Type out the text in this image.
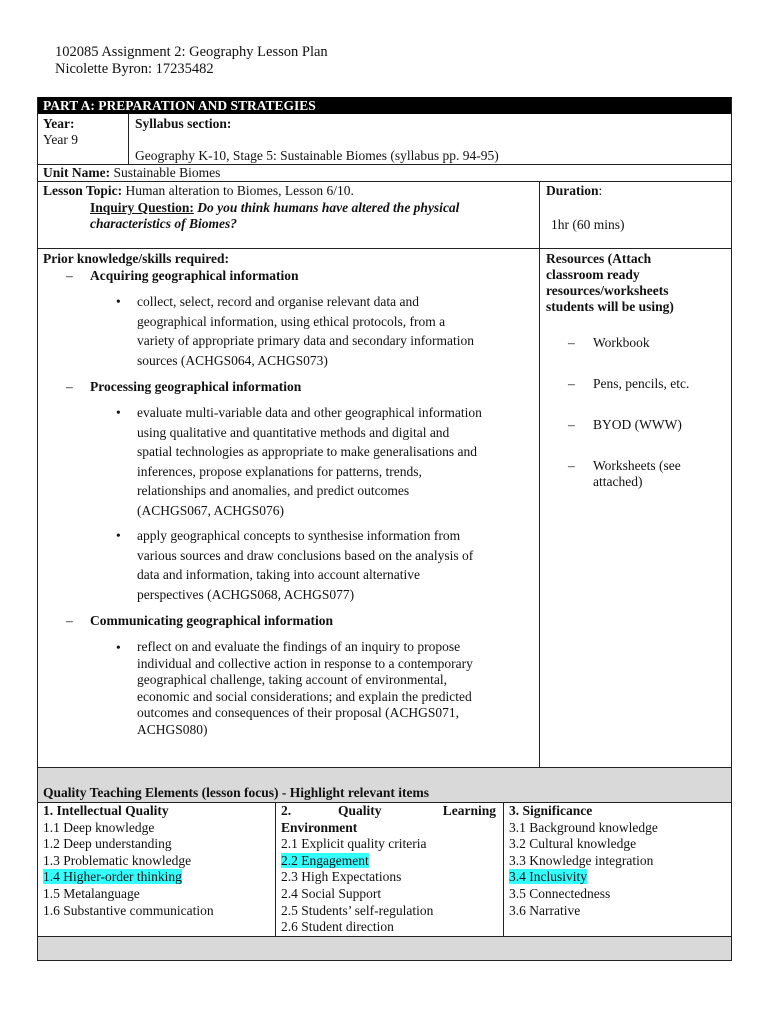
102085 Assignment 2: Geography Lesson Plan
Nicolette Byron: 17235482
PART A: PREPARATION AND STRATEGIES
Year:
Year 9
Syllabus section:
Geography K-10, Stage 5: Sustainable Biomes (syllabus pp. 94-95)
Unit Name: Sustainable Biomes
Lesson Topic: Human alteration to Biomes, Lesson 6/10.
Inquiry Question: Do you think humans have altered the physical
characteristics of Biomes?
Duration:
1hr (60 mins)
Prior knowledge/skills required:
– Acquiring geographical information
• collect, select, record and organise relevant data and
geographical information, using ethical protocols, from a
variety of appropriate primary data and secondary information
sources (ACHGS064, ACHGS073)
– Processing geographical information
• evaluate multi-variable data and other geographical information
using qualitative and quantitative methods and digital and
spatial technologies as appropriate to make generalisations and
inferences, propose explanations for patterns, trends,
relationships and anomalies, and predict outcomes
(ACHGS067, ACHGS076)
• apply geographical concepts to synthesise information from
various sources and draw conclusions based on the analysis of
data and information, taking into account alternative
perspectives (ACHGS068, ACHGS077)
– Communicating geographical information
• reflect on and evaluate the findings of an inquiry to propose
individual and collective action in response to a contemporary
geographical challenge, taking account of environmental,
economic and social considerations; and explain the predicted
outcomes and consequences of their proposal (ACHGS071,
ACHGS080)
Resources (Attach
classroom ready
resources/worksheets
students will be using)
– Workbook
– Pens, pencils, etc.
– BYOD (WWW)
– Worksheets (see
attached)
Quality Teaching Elements (lesson focus) - Highlight relevant items
1. Intellectual Quality
1.1 Deep knowledge
1.2 Deep understanding
1.3 Problematic knowledge
1.4 Higher-order thinking
1.5 Metalanguage
1.6 Substantive communication
2.	Quality	Learning
Environment
2.1 Explicit quality criteria
2.2 Engagement
2.3 High Expectations
2.4 Social Support
2.5 Students’ self-regulation
2.6 Student direction
3. Significance
3.1 Background knowledge
3.2 Cultural knowledge
3.3 Knowledge integration
3.4 Inclusivity
3.5 Connectedness
3.6 Narrative
